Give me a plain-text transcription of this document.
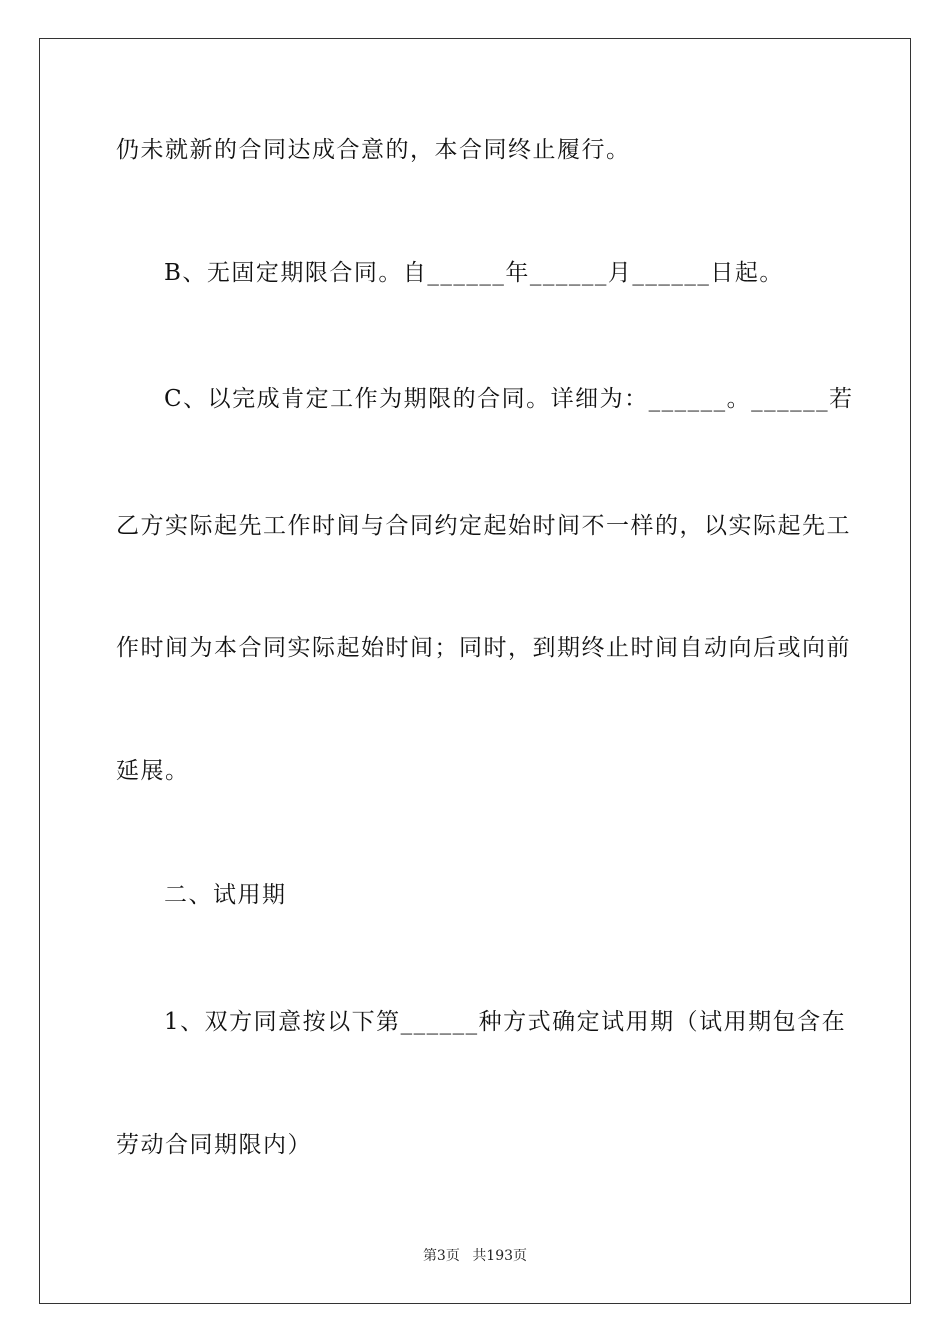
仍未就新的合同达成合意的，本合同终止履行。
B、无固定期限合同。自______年______月______日起。
C、以完成肯定工作为期限的合同。详细为：______。______若
乙方实际起先工作时间与合同约定起始时间不一样的，以实际起先工
作时间为本合同实际起始时间；同时，到期终止时间自动向后或向前
延展。
二、试用期
1、双方同意按以下第______种方式确定试用期（试用期包含在
劳动合同期限内）
第3页 共193页
